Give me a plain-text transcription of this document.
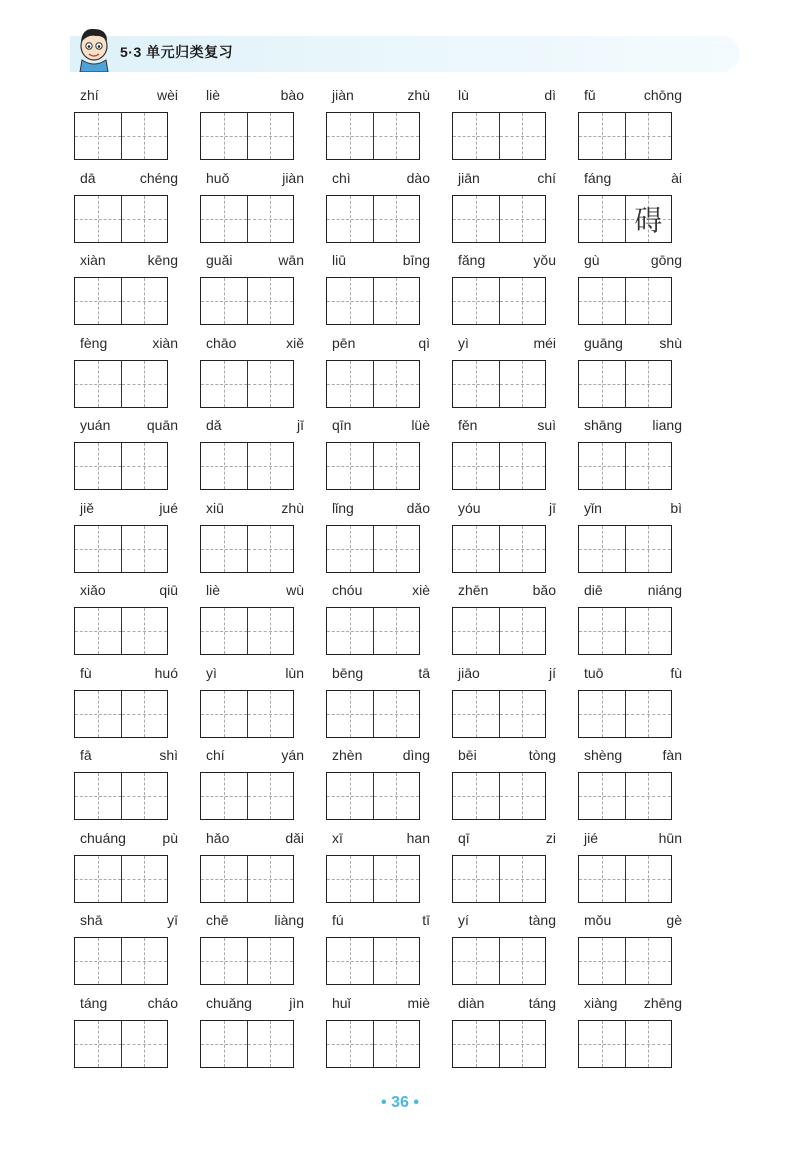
5·3 单元归类复习
zhí	wèi	liè	bào	jiàn	zhù	lù	dì	fǔ	chōng
dā	chéng	huǒ	jiàn	chì	dào	jiān	chí	fáng	ài
碍
xiàn	kēng	guǎi	wān	liū	bīng	fǎng	yǒu	gù	gōng
fèng	xiàn	chāo	xiě	pēn	qì	yì	méi	guāng	shù
yuán	quān	dǎ	jī	qīn	lüè	fěn	suì	shāng	liang
jiě	jué	xiū	zhù	lǐng	dǎo	yóu	jī	yǐn	bì
xiǎo	qiū	liè	wù	chóu	xiè	zhēn	bǎo	diē	niáng
fù	huó	yì	lùn	bēng	tā	jiāo	jí	tuō	fù
fā	shì	chí	yán	zhèn	dìng	bēi	tòng	shèng	fàn
chuáng	pù	hǎo	dǎi	xī	han	qī	zi	jié	hūn
shā	yī	chē	liàng	fú	tī	yí	tàng	mǒu	gè
táng	cháo	chuǎng	jìn	huǐ	miè	diàn	táng	xiàng	zhēng
• 36 •
